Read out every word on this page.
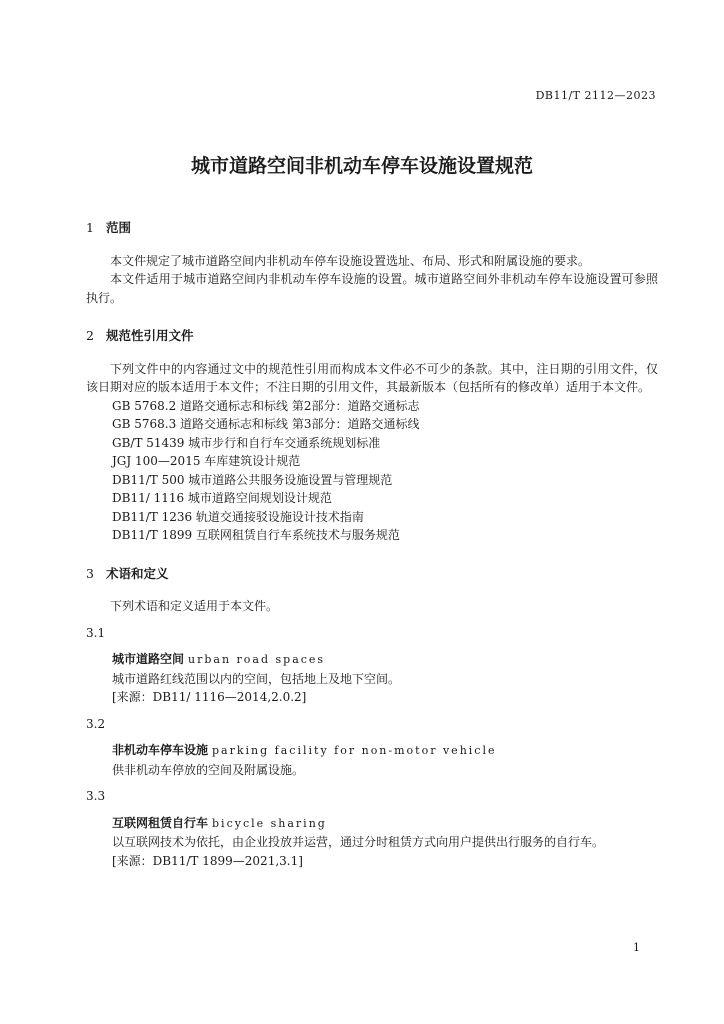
DB11/T 2112—2023
城市道路空间非机动车停车设施设置规范

1 范围

本文件规定了城市道路空间内非机动车停车设施设置选址、布局、形式和附属设施的要求。

本文件适用于城市道路空间内非机动车停车设施的设置。城市道路空间外非机动车停车设施设置可参照执行。

2 规范性引用文件

下列文件中的内容通过文中的规范性引用而构成本文件必不可少的条款。其中，注日期的引用文件，仅该日期对应的版本适用于本文件；不注日期的引用文件，其最新版本（包括所有的修改单）适用于本文件。

GB 5768.2 道路交通标志和标线 第2部分：道路交通标志

GB 5768.3 道路交通标志和标线 第3部分：道路交通标线

GB/T 51439 城市步行和自行车交通系统规划标准

JGJ 100—2015 车库建筑设计规范

DB11/T 500 城市道路公共服务设施设置与管理规范

DB11/ 1116 城市道路空间规划设计规范

DB11/T 1236 轨道交通接驳设施设计技术指南

DB11/T 1899 互联网租赁自行车系统技术与服务规范

3 术语和定义

下列术语和定义适用于本文件。

3.1

城市道路空间 urban road spaces

城市道路红线范围以内的空间，包括地上及地下空间。

[来源：DB11/ 1116—2014,2.0.2]

3.2

非机动车停车设施 parking facility for non-motor vehicle

供非机动车停放的空间及附属设施。

3.3

互联网租赁自行车 bicycle sharing

以互联网技术为依托，由企业投放并运营，通过分时租赁方式向用户提供出行服务的自行车。

[来源：DB11/T 1899—2021,3.1]

1
